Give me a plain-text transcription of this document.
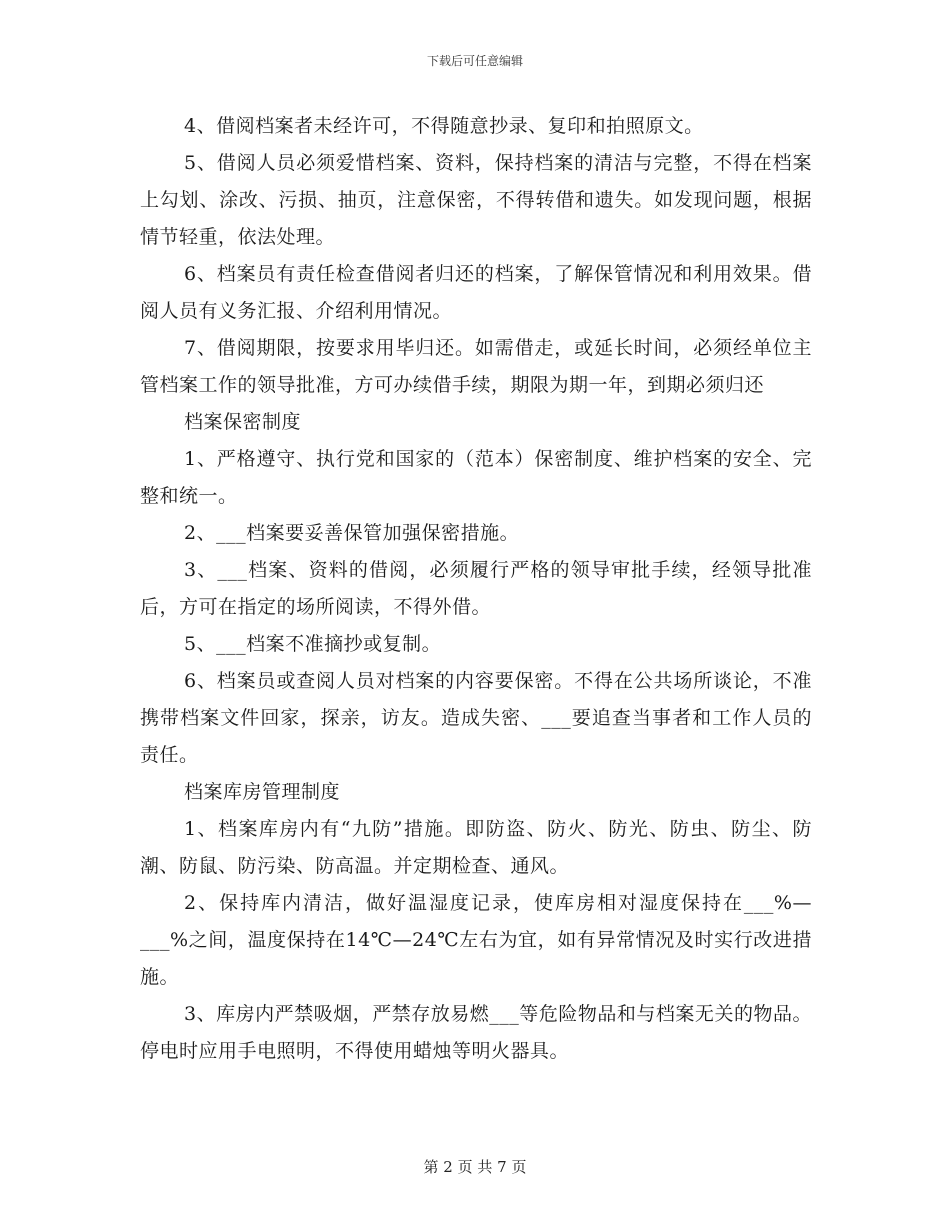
下载后可任意编辑

4、借阅档案者未经许可，不得随意抄录、复印和拍照原文。

5、借阅人员必须爱惜档案、资料，保持档案的清洁与完整，不得在档案上勾划、涂改、污损、抽页，注意保密，不得转借和遗失。如发现问题，根据情节轻重，依法处理。

6、档案员有责任检查借阅者归还的档案，了解保管情况和利用效果。借阅人员有义务汇报、介绍利用情况。

7、借阅期限，按要求用毕归还。如需借走，或延长时间，必须经单位主管档案工作的领导批准，方可办续借手续，期限为期一年，到期必须归还

档案保密制度

1、严格遵守、执行党和国家的（范本）保密制度、维护档案的安全、完整和统一。

2、___档案要妥善保管加强保密措施。

3、___档案、资料的借阅，必须履行严格的领导审批手续，经领导批准后，方可在指定的场所阅读，不得外借。

5、___档案不准摘抄或复制。

6、档案员或查阅人员对档案的内容要保密。不得在公共场所谈论，不准携带档案文件回家，探亲，访友。造成失密、___要追查当事者和工作人员的责任。

档案库房管理制度

1、档案库房内有“九防”措施。即防盗、防火、防光、防虫、防尘、防潮、防鼠、防污染、防高温。并定期检查、通风。

2、保持库内清洁，做好温湿度记录，使库房相对湿度保持在___%—___%之间，温度保持在14℃—24℃左右为宜，如有异常情况及时实行改进措施。

3、库房内严禁吸烟，严禁存放易燃___等危险物品和与档案无关的物品。停电时应用手电照明，不得使用蜡烛等明火器具。

第 2 页 共 7 页
